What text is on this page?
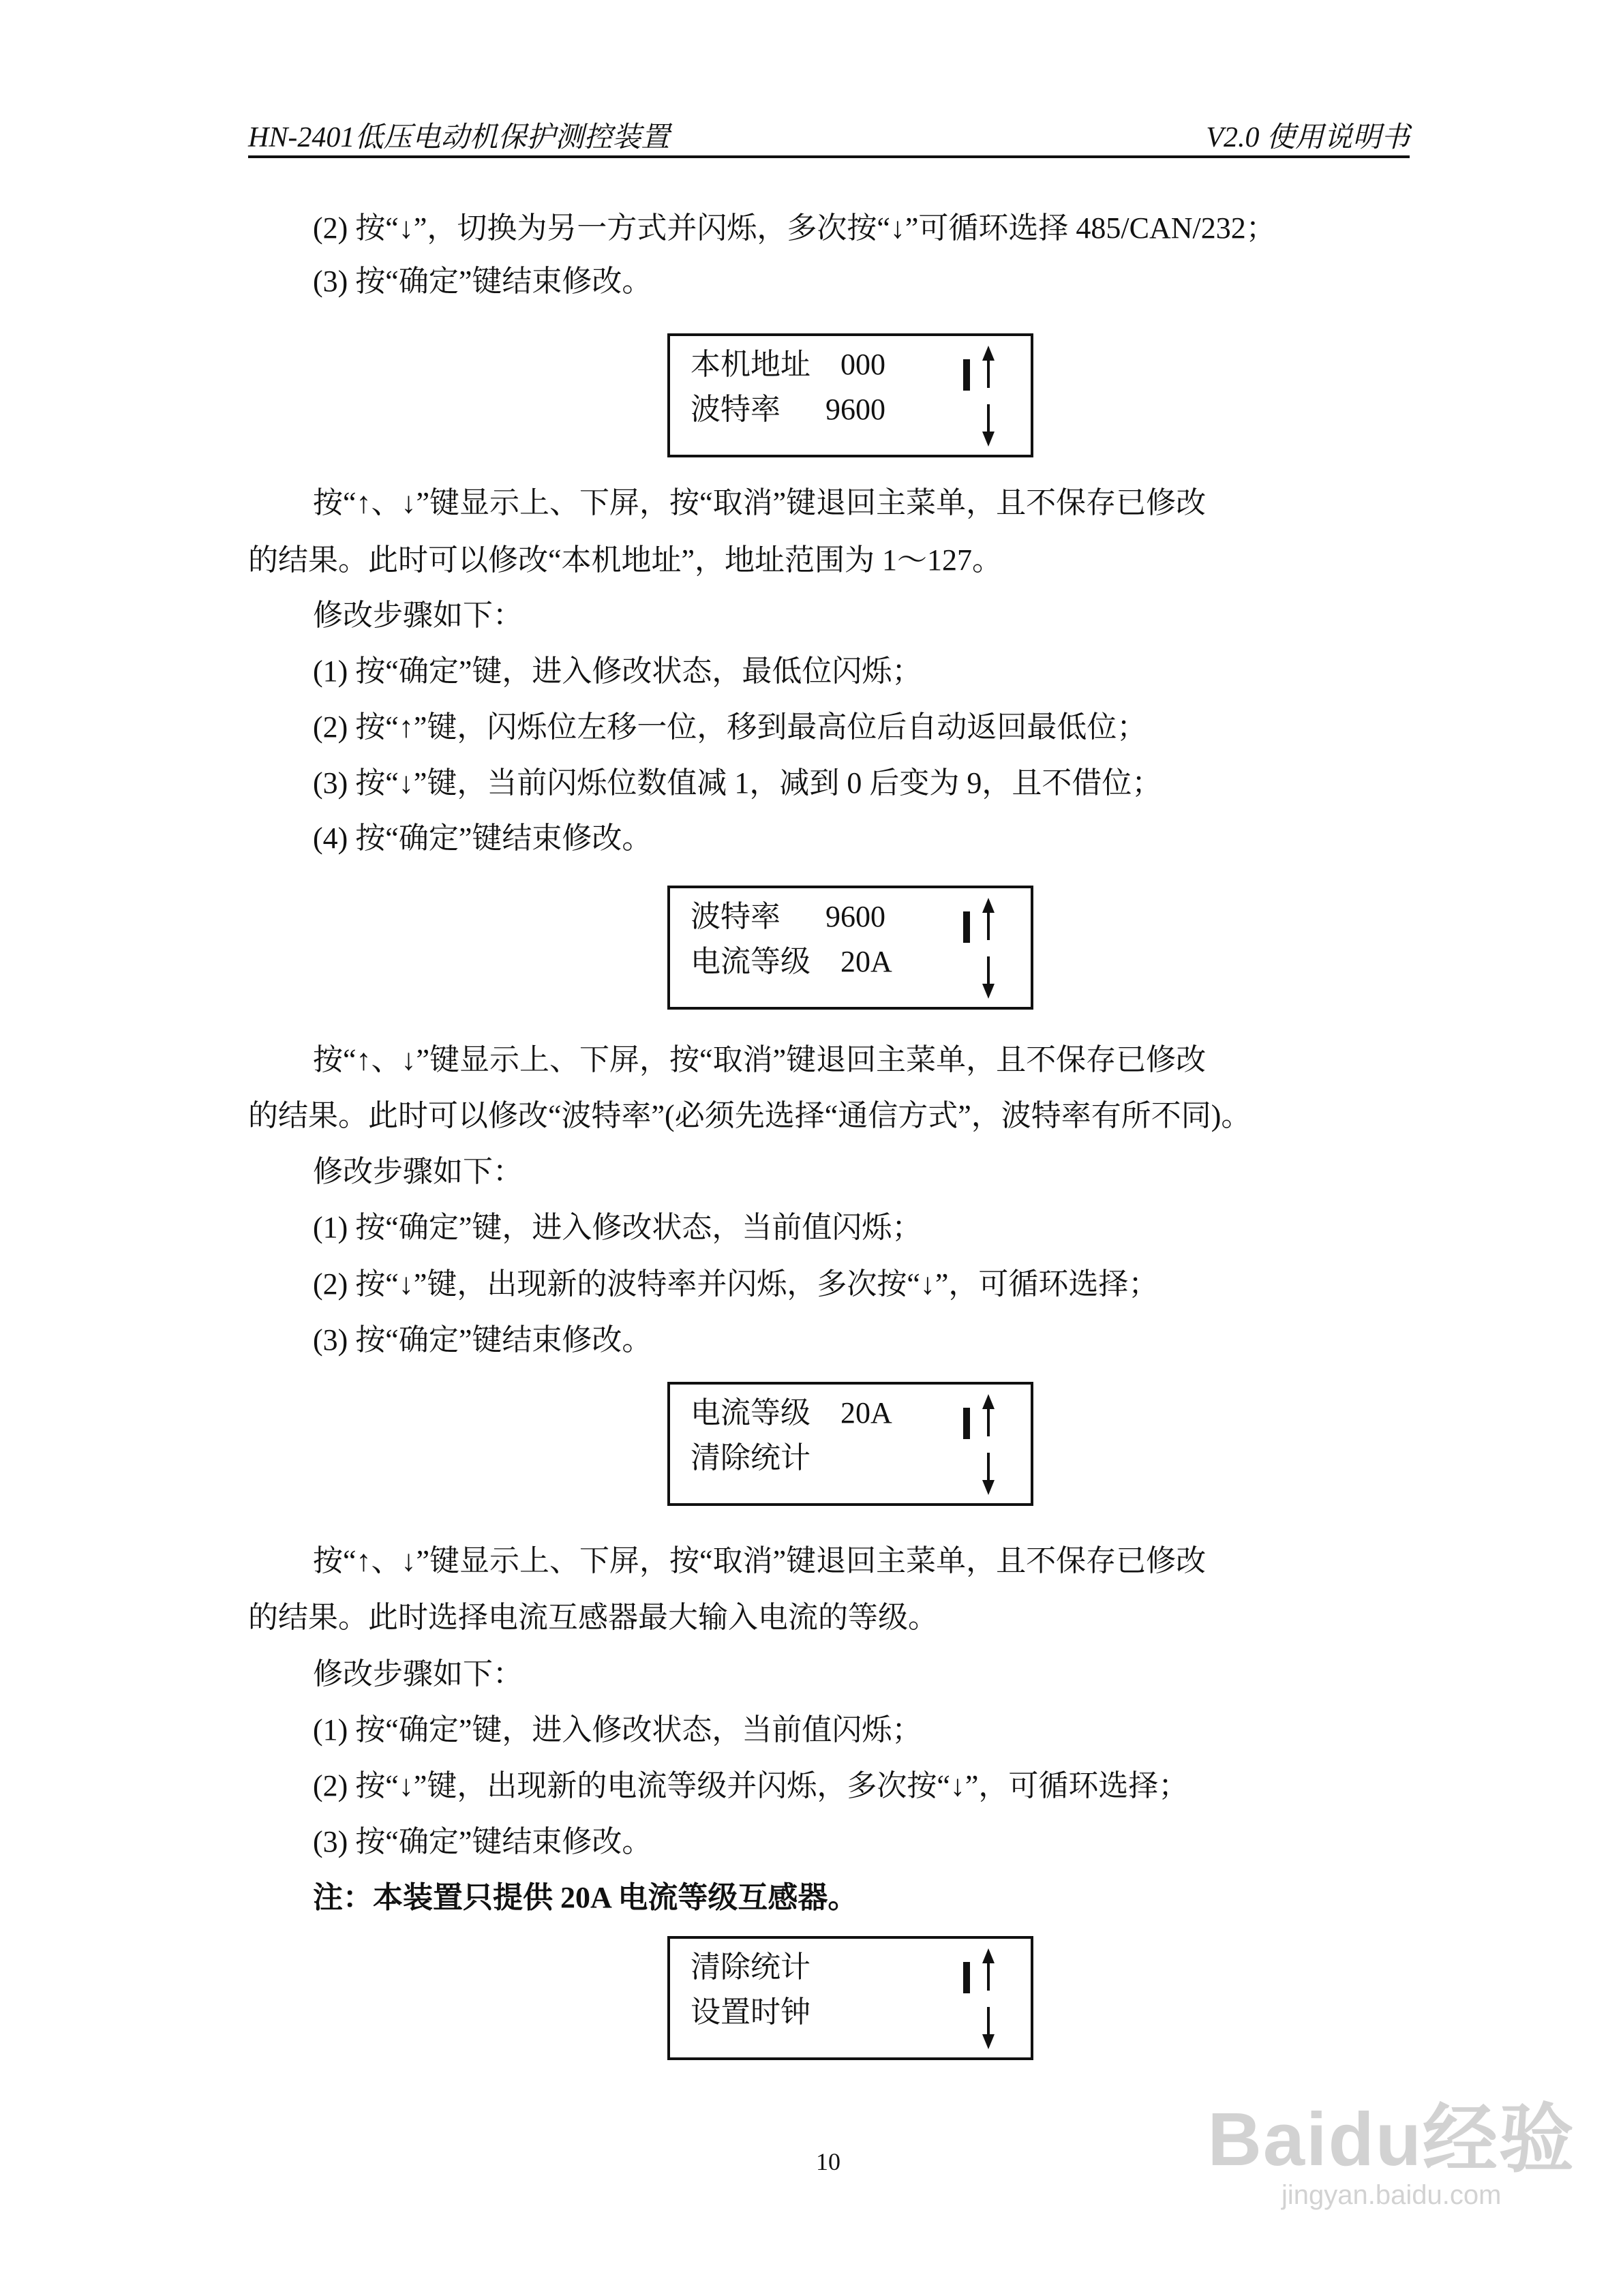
HN-2401低压电动机保护测控装置	V2.0 使用说明书
(2) 按“↓”，切换为另一方式并闪烁，多次按“↓”可循环选择 485/CAN/232；
(3) 按“确定”键结束修改。
本机地址    000
波特率      9600
按“↑、↓”键显示上、下屏，按“取消”键退回主菜单，且不保存已修改
的结果。此时可以修改“本机地址”，地址范围为 1～127。
修改步骤如下：
(1) 按“确定”键，进入修改状态，最低位闪烁；
(2) 按“↑”键，闪烁位左移一位，移到最高位后自动返回最低位；
(3) 按“↓”键，当前闪烁位数值减 1，减到 0 后变为 9，且不借位；
(4) 按“确定”键结束修改。
波特率      9600
电流等级    20A
按“↑、↓”键显示上、下屏，按“取消”键退回主菜单，且不保存已修改
的结果。此时可以修改“波特率”(必须先选择“通信方式”，波特率有所不同)。
修改步骤如下：
(1) 按“确定”键，进入修改状态，当前值闪烁；
(2) 按“↓”键，出现新的波特率并闪烁，多次按“↓”，可循环选择；
(3) 按“确定”键结束修改。
电流等级    20A
清除统计
按“↑、↓”键显示上、下屏，按“取消”键退回主菜单，且不保存已修改
的结果。此时选择电流互感器最大输入电流的等级。
修改步骤如下：
(1) 按“确定”键，进入修改状态，当前值闪烁；
(2) 按“↓”键，出现新的电流等级并闪烁，多次按“↓”，可循环选择；
(3) 按“确定”键结束修改。
注：本装置只提供 20A 电流等级互感器。
清除统计
设置时钟
10	Baidu经验
jingyan.baidu.com
